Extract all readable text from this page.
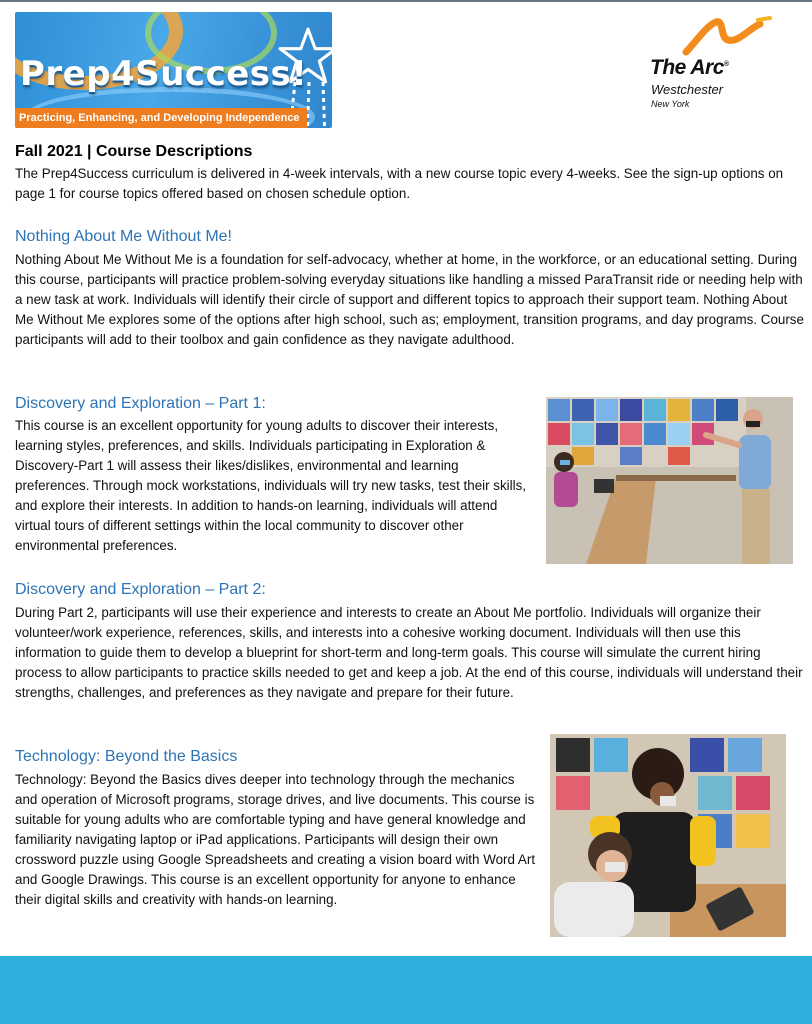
Prep4Success!
Practicing, Enhancing, and Developing Independence
The Arc®
Westchester
New York
Fall 2021 | Course Descriptions

The Prep4Success curriculum is delivered in 4-week intervals, with a new course topic every 4-weeks. See the sign-up options on page 1 for course topics offered based on chosen schedule option.

Nothing About Me Without Me!

Nothing About Me Without Me is a foundation for self-advocacy, whether at home, in the workforce, or an educational setting. During this course, participants will practice problem-solving everyday situations like handling a missed ParaTransit ride or needing help with a new task at work. Individuals will identify their circle of support and different topics to approach their support team. Nothing About Me Without Me explores some of the options after high school, such as; employment, transition programs, and day programs. Course participants will add to their toolbox and gain confidence as they navigate adulthood.

Discovery and Exploration – Part 1:

This course is an excellent opportunity for young adults to discover their interests, learning styles, preferences, and skills. Individuals participating in Exploration & Discovery-Part 1 will assess their likes/dislikes, environmental and learning preferences. Through mock workstations, individuals will try new tasks, test their skills, and explore their interests. In addition to hands-on learning, individuals will attend virtual tours of different settings within the local community to discover other environmental preferences.

Discovery and Exploration – Part 2:

During Part 2, participants will use their experience and interests to create an About Me portfolio. Individuals will organize their volunteer/work experience, references, skills, and interests into a cohesive working document. Individuals will then use this information to guide them to develop a blueprint for short-term and long-term goals. This course will simulate the current hiring process to allow participants to practice skills needed to get and keep a job. At the end of this course, individuals will understand their strengths, challenges, and preferences as they navigate and prepare for their future.

Technology: Beyond the Basics

Technology: Beyond the Basics dives deeper into technology through the mechanics and operation of Microsoft programs, storage drives, and live documents. This course is suitable for young adults who are comfortable typing and have general knowledge and familiarity navigating laptop or iPad applications. Participants will design their own crossword puzzle using Google Spreadsheets and creating a vision board with Word Art and Google Drawings. This course is an excellent opportunity for anyone to enhance their digital skills and creativity with hands-on learning.
